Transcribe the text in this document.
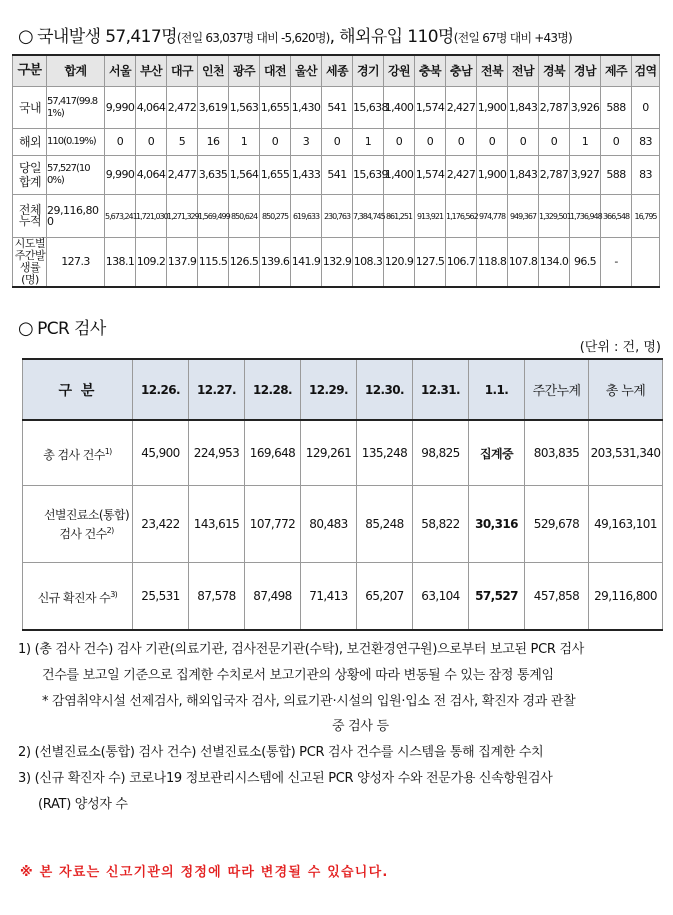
○ 국내발생 57,417명(전일 63,037명 대비 -5,620명), 해외유입 110명(전일 67명 대비 +43명)
구분	합계	서울	부산	대구	인천	광주	대전	울산	세종	경기	강원	충북	충남	전북	전남	경북	경남	제주	검역
국내	57,417(99.81%)	9,990	4,064	2,472	3,619	1,563	1,655	1,430	541	15,638	1,400	1,574	2,427	1,900	1,843	2,787	3,926	588	0
해외	110(0.19%)	0	0	5	16	1	0	3	0	1	0	0	0	0	0	0	1	0	83
당일 합계	57,527(100%)	9,990	4,064	2,477	3,635	1,564	1,655	1,433	541	15,639	1,400	1,574	2,427	1,900	1,843	2,787	3,927	588	83
전체 누적	29,116,800	5,673,241	1,721,030	1,271,329	1,569,499	850,624	850,275	619,633	230,763	7,384,745	861,251	913,921	1,176,562	974,778	949,367	1,329,501	1,736,948	366,548	16,795
시도별주간발생률(명)	127.3	138.1	109.2	137.9	115.5	126.5	139.6	141.9	132.9	108.3	120.9	127.5	106.7	118.8	107.8	134.0	96.5	-	
○ PCR 검사
(단위 : 건, 명)
구 분	12.26.	12.27.	12.28.	12.29.	12.30.	12.31.	1.1.	주간누계	총 누계
총 검사 건수$^{1)}$	45,900	224,953	169,648	129,261	135,248	98,825	집계중	803,835	203,531,340
선별진료소(통합) 검사 건수$^{2)}$	23,422	143,615	107,772	80,483	85,248	58,822	30,316	529,678	49,163,101
신규 확진자 수$^{3)}$	25,531	87,578	87,498	71,413	65,207	63,104	57,527	457,858	29,116,800
1) (총 검사 건수) 검사 기관(의료기관, 검사전문기관(수탁), 보건환경연구원)으로부터 보고된 PCR 검사
건수를 보고일 기준으로 집계한 수치로서 보고기관의 상황에 따라 변동될 수 있는 잠정 통계임
* 감염취약시설 선제검사, 해외입국자 검사, 의료기관·시설의 입원·입소 전 검사, 확진자 경과 관찰
중 검사 등
2) (선별진료소(통합) 검사 건수) 선별진료소(통합) PCR 검사 건수를 시스템을 통해 집계한 수치
3) (신규 확진자 수) 코로나19 정보관리시스템에 신고된 PCR 양성자 수와 전문가용 신속항원검사
(RAT) 양성자 수
※ 본 자료는 신고기관의 정정에 따라 변경될 수 있습니다.
